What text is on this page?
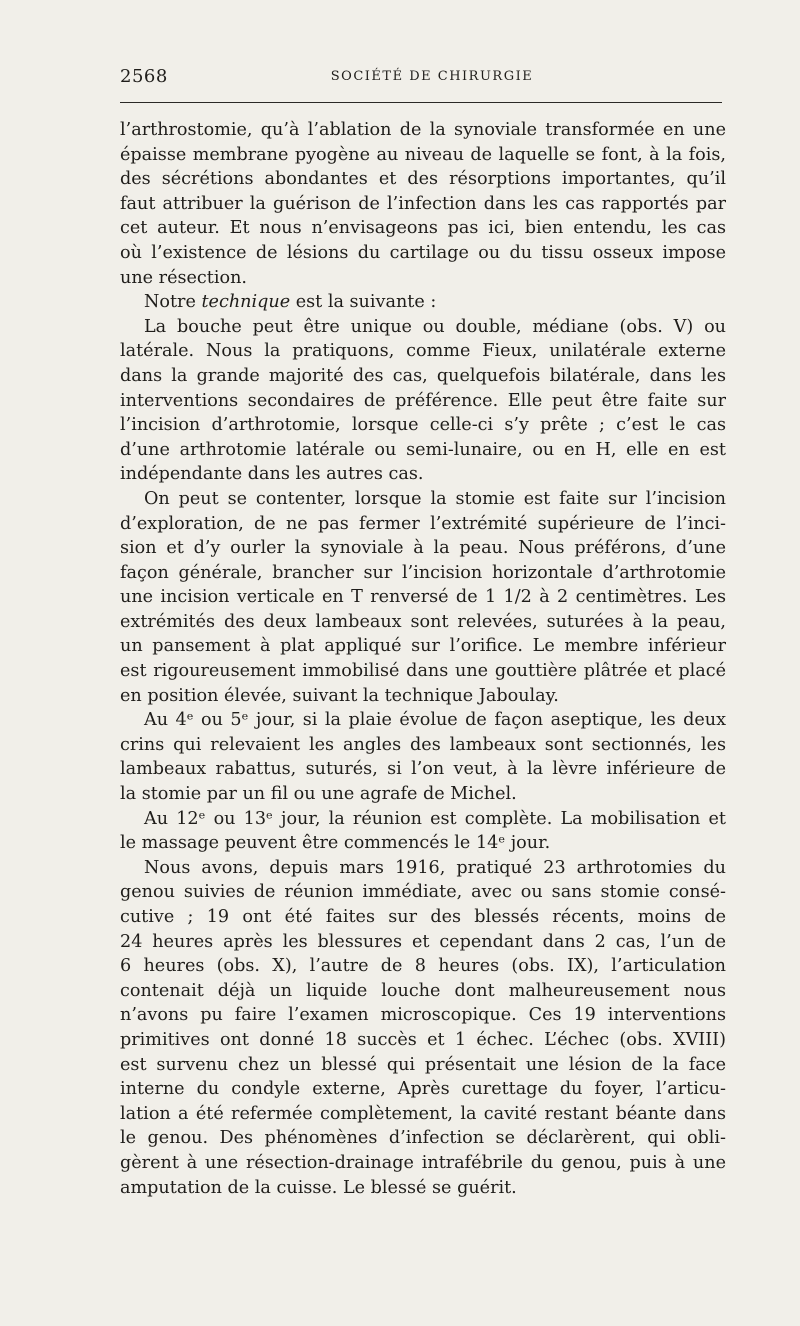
2568	SOCIÉTÉ DE CHIRURGIE
l’arthrostomie, qu’à l’ablation de la synoviale transformée en une
épaisse membrane pyogène au niveau de laquelle se font, à la fois,
des sécrétions abondantes et des résorptions importantes, qu’il
faut attribuer la guérison de l’infection dans les cas rapportés par
cet auteur. Et nous n’envisageons pas ici, bien entendu, les cas
où l’existence de lésions du cartilage ou du tissu osseux impose
une résection.
Notre technique est la suivante :
La bouche peut être unique ou double, médiane (obs. V) ou
latérale. Nous la pratiquons, comme Fieux, unilatérale externe
dans la grande majorité des cas, quelquefois bilatérale, dans les
interventions secondaires de préférence. Elle peut être faite sur
l’incision d’arthrotomie, lorsque celle-ci s’y prête ; c’est le cas
d’une arthrotomie latérale ou semi-lunaire, ou en H, elle en est
indépendante dans les autres cas.
On peut se contenter, lorsque la stomie est faite sur l’incision
d’exploration, de ne pas fermer l’extrémité supérieure de l’inci-
sion et d’y ourler la synoviale à la peau. Nous préférons, d’une
façon générale, brancher sur l’incision horizontale d’arthrotomie
une incision verticale en T renversé de 1 1/2 à 2 centimètres. Les
extrémités des deux lambeaux sont relevées, suturées à la peau,
un pansement à plat appliqué sur l’orifice. Le membre inférieur
est rigoureusement immobilisé dans une gouttière plâtrée et placé
en position élevée, suivant la technique Jaboulay.
Au 4ᵉ ou 5ᵉ jour, si la plaie évolue de façon aseptique, les deux
crins qui relevaient les angles des lambeaux sont sectionnés, les
lambeaux rabattus, suturés, si l’on veut, à la lèvre inférieure de
la stomie par un fil ou une agrafe de Michel.
Au 12ᵉ ou 13ᵉ jour, la réunion est complète. La mobilisation et
le massage peuvent être commencés le 14ᵉ jour.
Nous avons, depuis mars 1916, pratiqué 23 arthrotomies du
genou suivies de réunion immédiate, avec ou sans stomie consé-
cutive ; 19 ont été faites sur des blessés récents, moins de
24 heures après les blessures et cependant dans 2 cas, l’un de
6 heures (obs. X), l’autre de 8 heures (obs. IX), l’articulation
contenait déjà un liquide louche dont malheureusement nous
n’avons pu faire l’examen microscopique. Ces 19 interventions
primitives ont donné 18 succès et 1 échec. L’échec (obs. XVIII)
est survenu chez un blessé qui présentait une lésion de la face
interne du condyle externe, Après curettage du foyer, l’articu-
lation a été refermée complètement, la cavité restant béante dans
le genou. Des phénomènes d’infection se déclarèrent, qui obli-
gèrent à une résection-drainage intrafébrile du genou, puis à une
amputation de la cuisse. Le blessé se guérit.
